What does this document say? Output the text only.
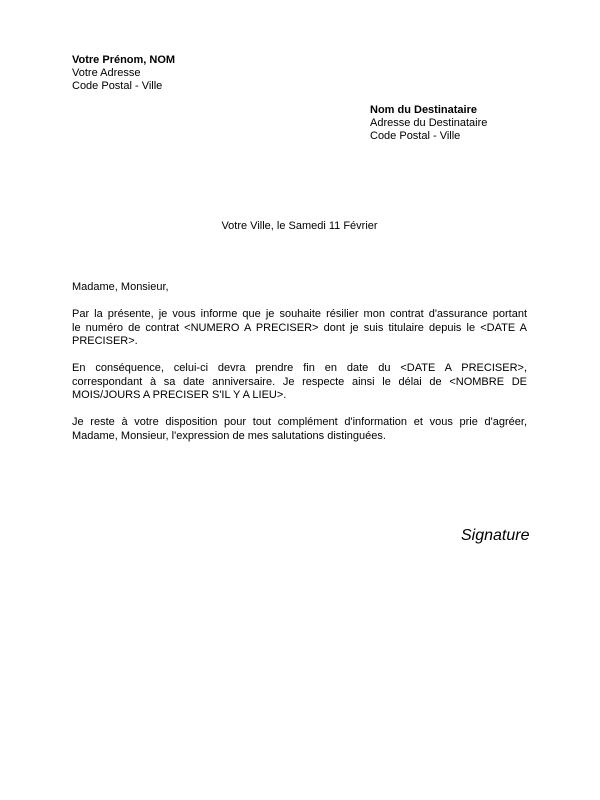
Votre Prénom, NOM
Votre Adresse
Code Postal - Ville
Nom du Destinataire
Adresse du Destinataire
Code Postal - Ville
Votre Ville, le Samedi 11 Février
Madame, Monsieur,
Par la présente, je vous informe que je souhaite résilier mon contrat d'assurance portant
le numéro de contrat <NUMERO A PRECISER> dont je suis titulaire depuis le <DATE A
PRECISER>.
En conséquence, celui-ci devra prendre fin en date du <DATE A PRECISER>,
correspondant à sa date anniversaire. Je respecte ainsi le délai de <NOMBRE DE
MOIS/JOURS A PRECISER S'IL Y A LIEU>.
Je reste à votre disposition pour tout complément d'information et vous prie d'agréer,
Madame, Monsieur, l'expression de mes salutations distinguées.
Signature
